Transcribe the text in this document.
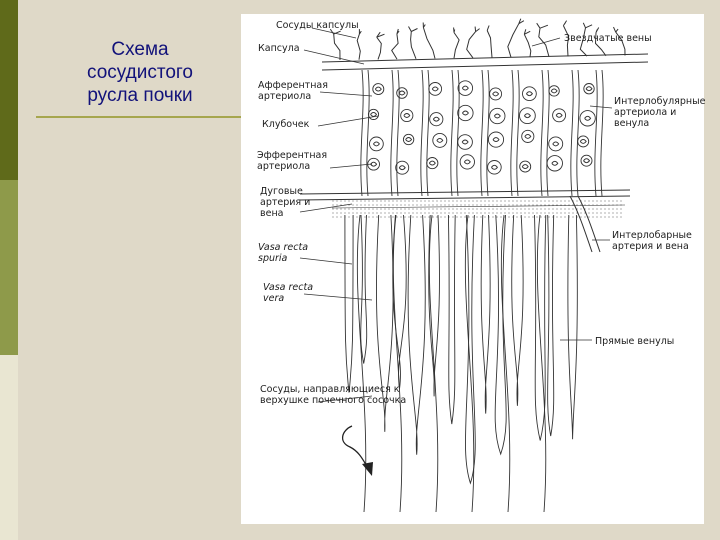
Схема
сосудистого
русла почки
Сосуды капсулы
Звездчатые вены
Капсула
Афферентная артериола	Интерлобулярные артериола и венула
Клубочек
Эфферентная артериола
Дуговые артерия и вена
Интерлобарные артерия и вена
Vasa recta spuria
Vasa recta vera
Прямые венулы
Сосуды, направляющиеся к верхушке почечного сосочка
